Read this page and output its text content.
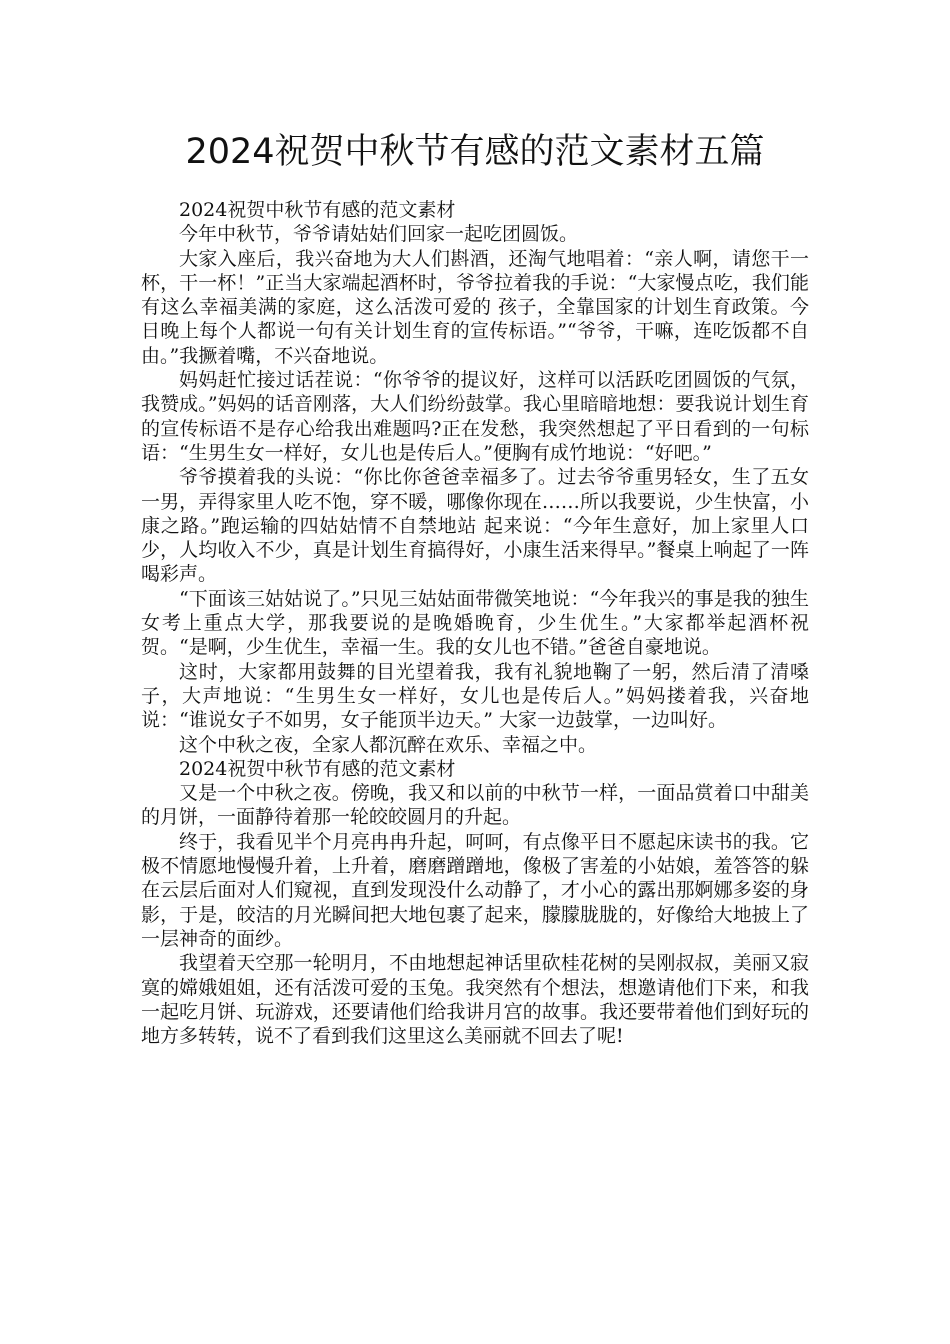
2024祝贺中秋节有感的范文素材五篇

2024祝贺中秋节有感的范文素材

今年中秋节，爷爷请姑姑们回家一起吃团圆饭。

大家入座后，我兴奋地为大人们斟酒，还淘气地唱着：“亲人啊，请您干一杯，干一杯！”正当大家端起酒杯时，爷爷拉着我的手说：“大家慢点吃，我们能有这么幸福美满的家庭，这么活泼可爱的 孩子，全靠国家的计划生育政策。今日晚上每个人都说一句有关计划生育的宣传标语。”“爷爷，干嘛，连吃饭都不自由。”我撅着嘴，不兴奋地说。

妈妈赶忙接过话茬说：“你爷爷的提议好，这样可以活跃吃团圆饭的气氛，我赞成。”妈妈的话音刚落，大人们纷纷鼓掌。我心里暗暗地想：要我说计划生育的宣传标语不是存心给我出难题吗?正在发愁，我突然想起了平日看到的一句标语：“生男生女一样好，女儿也是传后人。”便胸有成竹地说：“好吧。”

爷爷摸着我的头说：“你比你爸爸幸福多了。过去爷爷重男轻女，生了五女一男，弄得家里人吃不饱，穿不暖，哪像你现在……所以我要说，少生快富，小康之路。”跑运输的四姑姑情不自禁地站 起来说：“今年生意好，加上家里人口少，人均收入不少，真是计划生育搞得好，小康生活来得早。”餐桌上响起了一阵喝彩声。

“下面该三姑姑说了。”只见三姑姑面带微笑地说：“今年我兴的事是我的独生女考上重点大学，那我要说的是晚婚晚育，少生优生。”大家都举起酒杯祝贺。“是啊，少生优生，幸福一生。我的女儿也不错。”爸爸自豪地说。

这时，大家都用鼓舞的目光望着我，我有礼貌地鞠了一躬，然后清了清嗓子，大声地说：“生男生女一样好，女儿也是传后人。”妈妈搂着我，兴奋地说：“谁说女子不如男，女子能顶半边天。” 大家一边鼓掌，一边叫好。

这个中秋之夜，全家人都沉醉在欢乐、幸福之中。

2024祝贺中秋节有感的范文素材

又是一个中秋之夜。傍晚，我又和以前的中秋节一样，一面品赏着口中甜美的月饼，一面静待着那一轮皎皎圆月的升起。

终于，我看见半个月亮冉冉升起，呵呵，有点像平日不愿起床读书的我。它极不情愿地慢慢升着，上升着，磨磨蹭蹭地，像极了害羞的小姑娘，羞答答的躲在云层后面对人们窥视，直到发现没什么动静了，才小心的露出那婀娜多姿的身影，于是，皎洁的月光瞬间把大地包裹了起来，朦朦胧胧的，好像给大地披上了一层神奇的面纱。

我望着天空那一轮明月，不由地想起神话里砍桂花树的吴刚叔叔，美丽又寂寞的嫦娥姐姐，还有活泼可爱的玉兔。我突然有个想法，想邀请他们下来，和我一起吃月饼、玩游戏，还要请他们给我讲月宫的故事。我还要带着他们到好玩的地方多转转，说不了看到我们这里这么美丽就不回去了呢!
